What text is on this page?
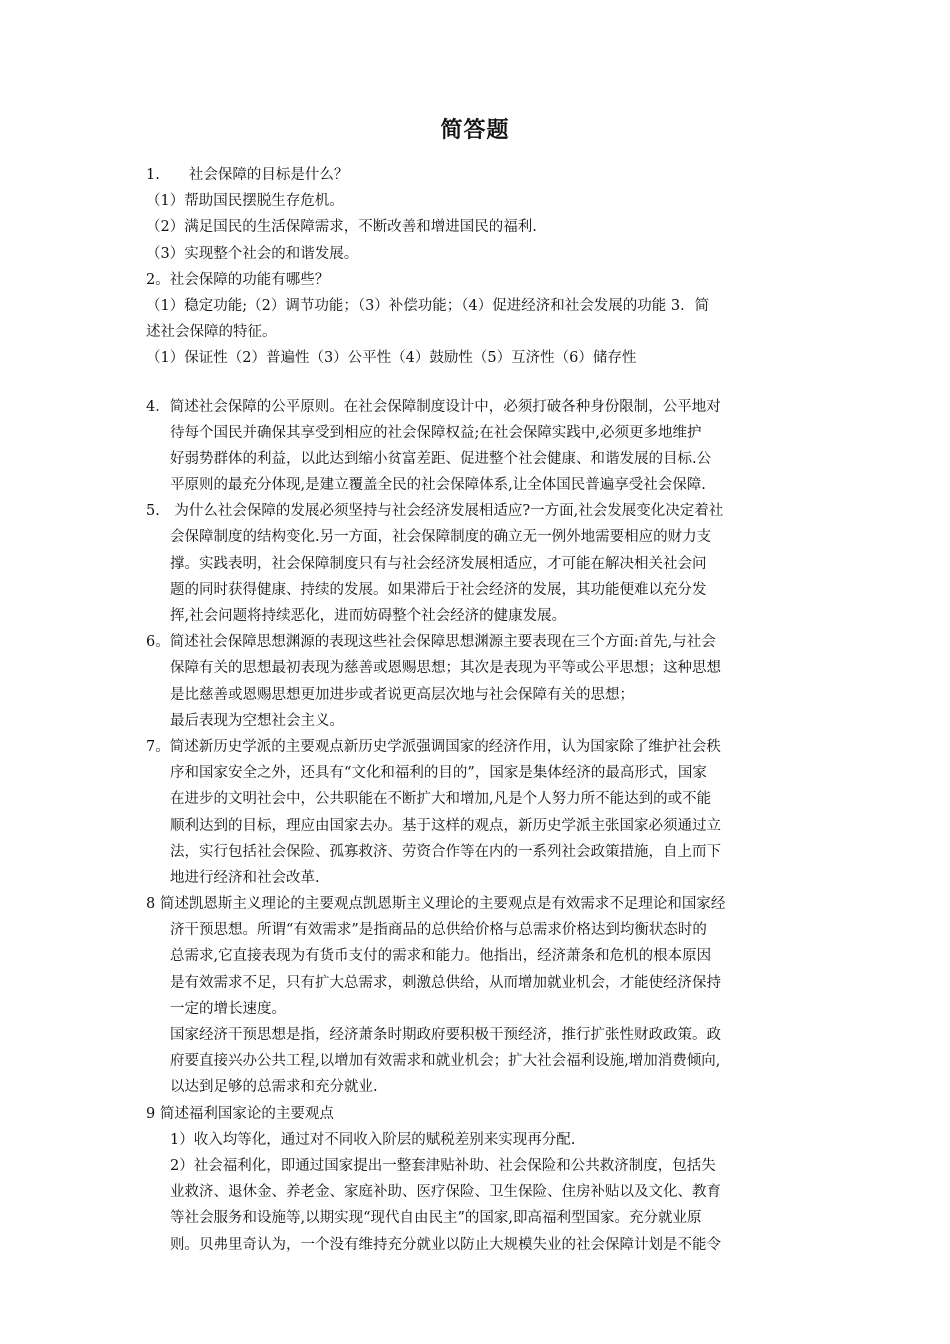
简答题
1.　　社会保障的目标是什么？
（1）帮助国民摆脱生存危机。
（2）满足国民的生活保障需求，不断改善和增进国民的福利.
（3）实现整个社会的和谐发展。
2。社会保障的功能有哪些？
（1）稳定功能;（2）调节功能；（3）补偿功能；（4）促进经济和社会发展的功能 3．简
述社会保障的特征。
（1）保证性（2）普遍性（3）公平性（4）鼓励性（5）互济性（6）储存性
4．简述社会保障的公平原则。在社会保障制度设计中，必须打破各种身份限制，公平地对
待每个国民并确保其享受到相应的社会保障权益;在社会保障实践中,必须更多地维护
好弱势群体的利益，以此达到缩小贫富差距、促进整个社会健康、和谐发展的目标.公
平原则的最充分体现,是建立覆盖全民的社会保障体系,让全体国民普遍享受社会保障.
5.　为什么社会保障的发展必须坚持与社会经济发展相适应?一方面,社会发展变化决定着社
会保障制度的结构变化.另一方面，社会保障制度的确立无一例外地需要相应的财力支
撑。实践表明，社会保障制度只有与社会经济发展相适应，才可能在解决相关社会问
题的同时获得健康、持续的发展。如果滞后于社会经济的发展，其功能便难以充分发
挥,社会问题将持续恶化，进而妨碍整个社会经济的健康发展。
6。简述社会保障思想渊源的表现这些社会保障思想渊源主要表现在三个方面:首先,与社会
保障有关的思想最初表现为慈善或恩赐思想；其次是表现为平等或公平思想；这种思想
是比慈善或恩赐思想更加进步或者说更高层次地与社会保障有关的思想；
最后表现为空想社会主义。
7。简述新历史学派的主要观点新历史学派强调国家的经济作用，认为国家除了维护社会秩
序和国家安全之外，还具有“文化和福利的目的”，国家是集体经济的最高形式，国家
在进步的文明社会中，公共职能在不断扩大和增加,凡是个人努力所不能达到的或不能
顺利达到的目标，理应由国家去办。基于这样的观点，新历史学派主张国家必须通过立
法，实行包括社会保险、孤寡救济、劳资合作等在内的一系列社会政策措施，自上而下
地进行经济和社会改革.
8 简述凯恩斯主义理论的主要观点凯恩斯主义理论的主要观点是有效需求不足理论和国家经
济干预思想。所谓“有效需求”是指商品的总供给价格与总需求价格达到均衡状态时的
总需求,它直接表现为有货币支付的需求和能力。他指出，经济萧条和危机的根本原因
是有效需求不足，只有扩大总需求，刺激总供给，从而增加就业机会，才能使经济保持
一定的增长速度。
国家经济干预思想是指，经济萧条时期政府要积极干预经济，推行扩张性财政政策。政
府要直接兴办公共工程,以增加有效需求和就业机会；扩大社会福利设施,增加消费倾向,
以达到足够的总需求和充分就业.
9 简述福利国家论的主要观点
1）收入均等化，通过对不同收入阶层的赋税差别来实现再分配.
2）社会福利化，即通过国家提出一整套津贴补助、社会保险和公共救济制度，包括失
业救济、退休金、养老金、家庭补助、医疗保险、卫生保险、住房补贴以及文化、教育
等社会服务和设施等,以期实现“现代自由民主”的国家,即高福利型国家。充分就业原
则。贝弗里奇认为，一个没有维持充分就业以防止大规模失业的社会保障计划是不能令
